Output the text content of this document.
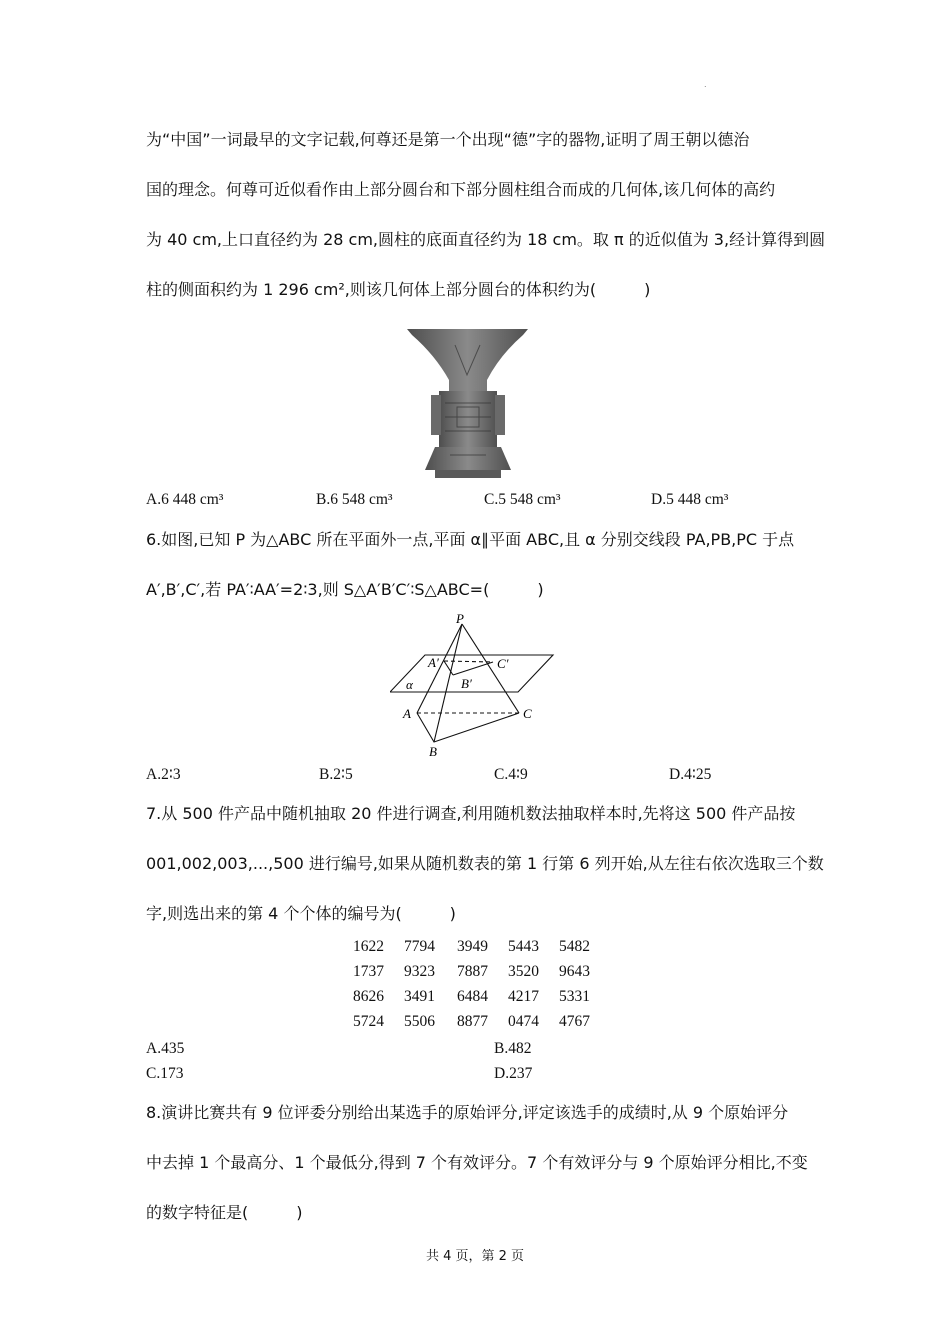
.
为“中国”一词最早的文字记载,何尊还是第一个出现“德”字的器物,证明了周王朝以德治
国的理念。何尊可近似看作由上部分圆台和下部分圆柱组合而成的几何体,该几何体的高约
为 40 cm,上口直径约为 28 cm,圆柱的底面直径约为 18 cm。取 π 的近似值为 3,经计算得到圆
柱的侧面积约为 1 296 cm²,则该几何体上部分圆台的体积约为(　　　)
A.6 448 cm³	B.6 548 cm³	C.5 548 cm³	D.5 448 cm³
6.如图,已知 P 为△ABC 所在平面外一点,平面 α∥平面 ABC,且 α 分别交线段 PA,PB,PC 于点
A′,B′,C′,若 PA′∶AA′=2∶3,则 S△A′B′C′∶S△ABC=(　　　)
P
A′	C′
B′
α
A	C
B
A.2∶3	B.2∶5	C.4∶9	D.4∶25
7.从 500 件产品中随机抽取 20 件进行调查,利用随机数法抽取样本时,先将这 500 件产品按
001,002,003,...,500 进行编号,如果从随机数表的第 1 行第 6 列开始,从左往右依次选取三个数
字,则选出来的第 4 个个体的编号为(　　　)
1622 7794 3949 5443 5482
1737 9323 7887 3520 9643
8626 3491 6484 4217 5331
5724 5506 8877 0474 4767
A.435	B.482
C.173	D.237
8.演讲比赛共有 9 位评委分别给出某选手的原始评分,评定该选手的成绩时,从 9 个原始评分
中去掉 1 个最高分、1 个最低分,得到 7 个有效评分。7 个有效评分与 9 个原始评分相比,不变
的数字特征是(　　　)
共 4 页，第 2 页
